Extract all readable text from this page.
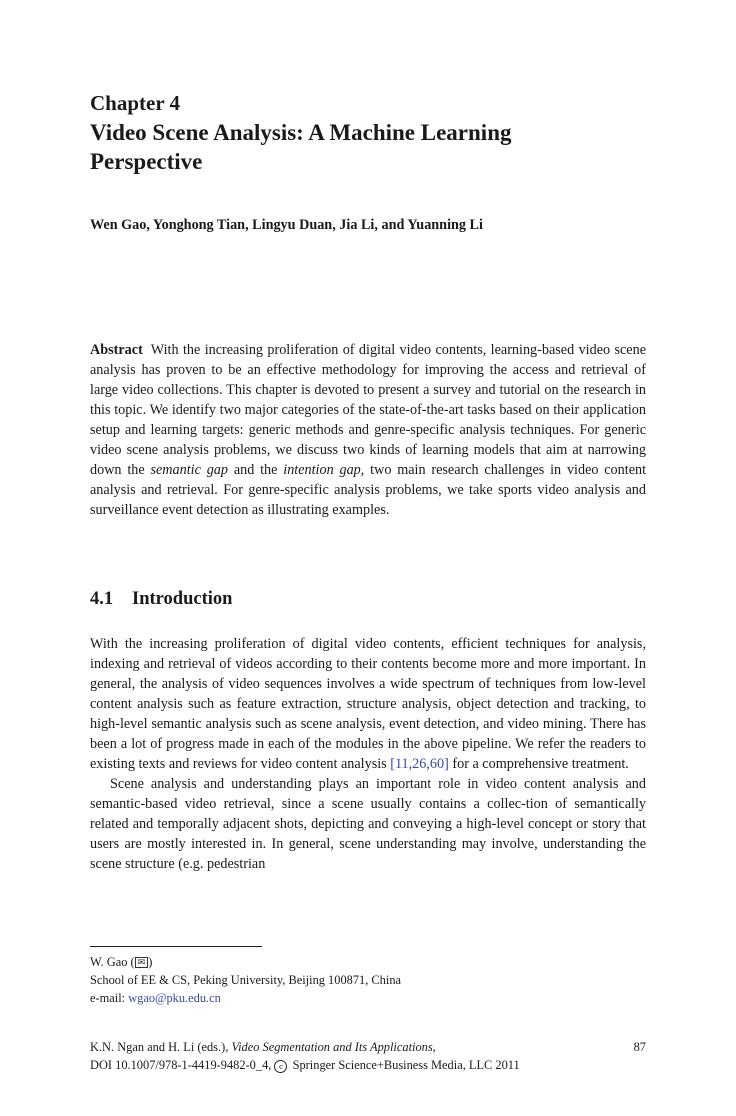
Chapter 4
Video Scene Analysis: A Machine Learning
Perspective
Wen Gao, Yonghong Tian, Lingyu Duan, Jia Li, and Yuanning Li
Abstract With the increasing proliferation of digital video contents, learning-based video scene analysis has proven to be an effective methodology for improving the access and retrieval of large video collections. This chapter is devoted to present a survey and tutorial on the research in this topic. We identify two major categories of the state-of-the-art tasks based on their application setup and learning targets: generic methods and genre-specific analysis techniques. For generic video scene analysis problems, we discuss two kinds of learning models that aim at narrowing down the semantic gap and the intention gap, two main research challenges in video content analysis and retrieval. For genre-specific analysis problems, we take sports video analysis and surveillance event detection as illustrating examples.
4.1 Introduction

With the increasing proliferation of digital video contents, efficient techniques for analysis, indexing and retrieval of videos according to their contents become more and more important. In general, the analysis of video sequences involves a wide spectrum of techniques from low-level content analysis such as feature extraction, structure analysis, object detection and tracking, to high-level semantic analysis such as scene analysis, event detection, and video mining. There has been a lot of progress made in each of the modules in the above pipeline. We refer the readers to existing texts and reviews for video content analysis [11,26,60] for a comprehensive treatment.

Scene analysis and understanding plays an important role in video content analysis and semantic-based video retrieval, since a scene usually contains a collec-tion of semantically related and temporally adjacent shots, depicting and conveying a high-level concept or story that users are mostly interested in. In general, scene understanding may involve, understanding the scene structure (e.g. pedestrian

W. Gao ( ✉ )
School of EE & CS, Peking University, Beijing 100871, China
e-mail: wgao@pku.edu.cn
K.N. Ngan and H. Li (eds.), Video Segmentation and Its Applications,
DOI 10.1007/978-1-4419-9482-0_4, c Springer Science+Business Media, LLC 2011
87
